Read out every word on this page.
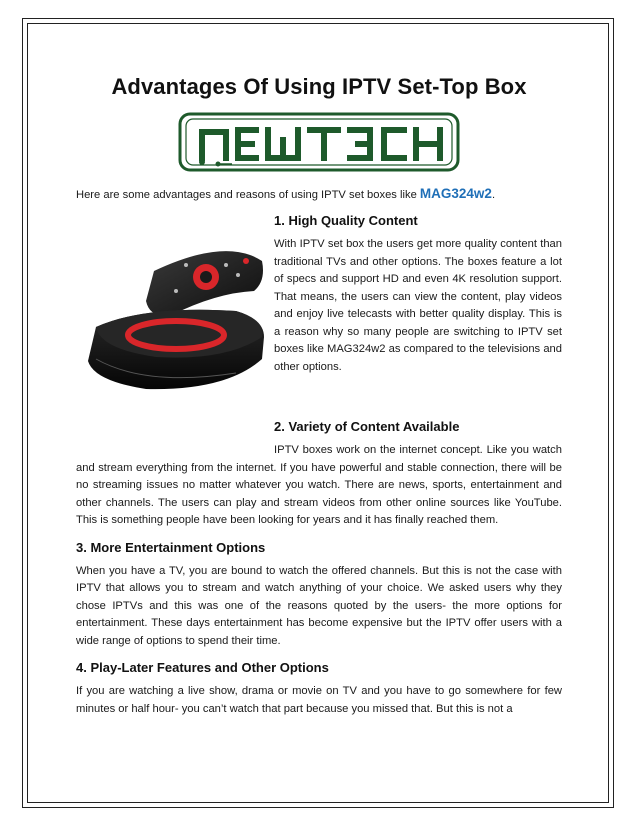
Advantages Of Using IPTV Set-Top Box
Here are some advantages and reasons of using IPTV set boxes like MAG324w2.
1. High Quality Content

With IPTV set box the users get more quality content than traditional TVs and other options. The boxes feature a lot of specs and support HD and even 4K resolution support. That means, the users can view the content, play videos and enjoy live telecasts with better quality display. This is a reason why so many people are switching to IPTV set boxes like MAG324w2 as compared to the televisions and other options.

2. Variety of Content Available

IPTV boxes work on the internet concept. Like you watch and stream everything from the internet. If you have powerful and stable connection, there will be no streaming issues no matter whatever you watch. There are news, sports, entertainment and other channels. The users can play and stream videos from other online sources like YouTube. This is something people have been looking for years and it has finally reached them.

3. More Entertainment Options

When you have a TV, you are bound to watch the offered channels. But this is not the case with IPTV that allows you to stream and watch anything of your choice. We asked users why they chose IPTVs and this was one of the reasons quoted by the users- the more options for entertainment. These days entertainment has become expensive but the IPTV offer users with a wide range of options to spend their time.

4. Play-Later Features and Other Options

If you are watching a live show, drama or movie on TV and you have to go somewhere for few minutes or half hour- you can’t watch that part because you missed that. But this is not a
